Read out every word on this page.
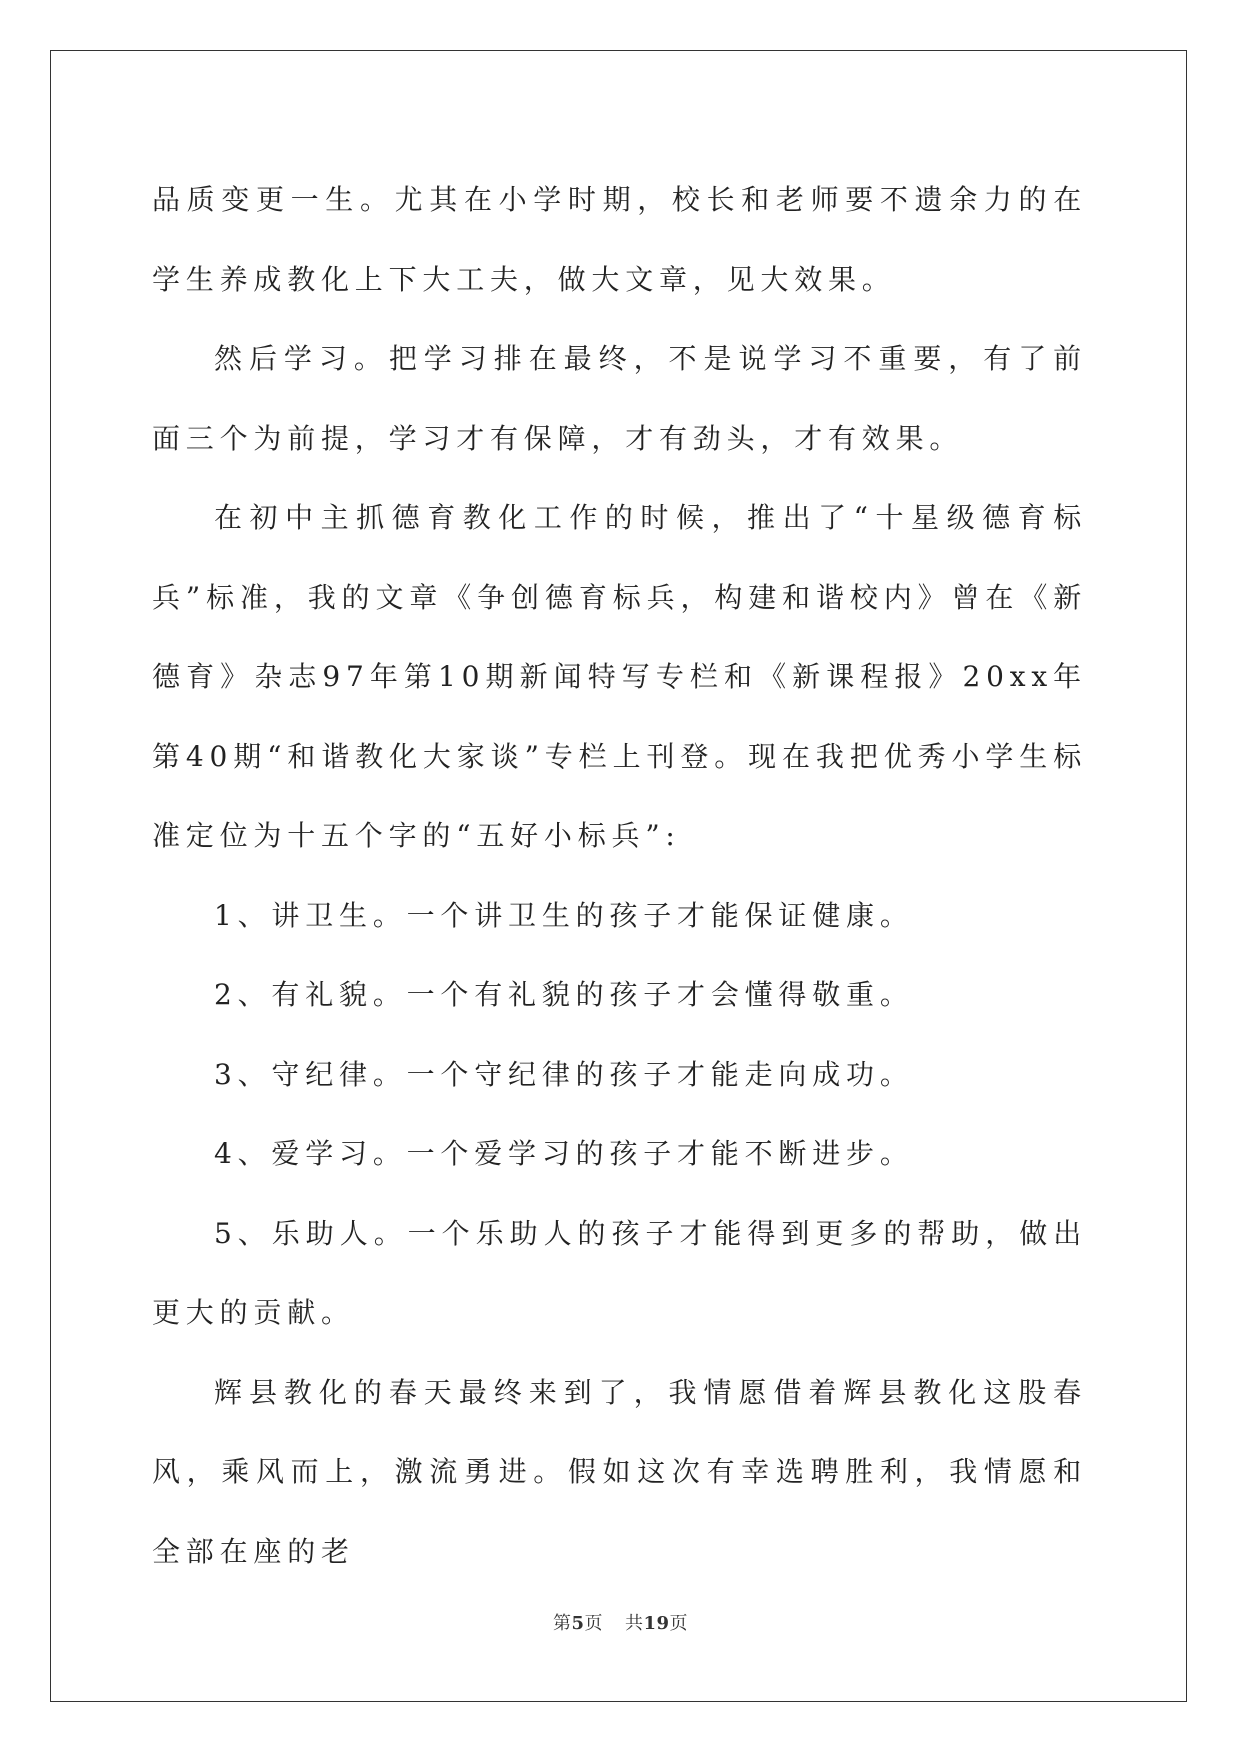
品质变更一生。尤其在小学时期，校长和老师要不遗余力的在学生养成教化上下大工夫，做大文章，见大效果。

然后学习。把学习排在最终，不是说学习不重要，有了前面三个为前提，学习才有保障，才有劲头，才有效果。

在初中主抓德育教化工作的时候，推出了“十星级德育标兵”标准，我的文章《争创德育标兵，构建和谐校内》曾在《新德育》杂志97年第10期新闻特写专栏和《新课程报》20xx年第40期“和谐教化大家谈”专栏上刊登。现在我把优秀小学生标准定位为十五个字的“五好小标兵”:

1、讲卫生。一个讲卫生的孩子才能保证健康。

2、有礼貌。一个有礼貌的孩子才会懂得敬重。

3、守纪律。一个守纪律的孩子才能走向成功。

4、爱学习。一个爱学习的孩子才能不断进步。

5、乐助人。一个乐助人的孩子才能得到更多的帮助，做出更大的贡献。

辉县教化的春天最终来到了，我情愿借着辉县教化这股春风，乘风而上，激流勇进。假如这次有幸选聘胜利，我情愿和全部在座的老

第5页 共19页
